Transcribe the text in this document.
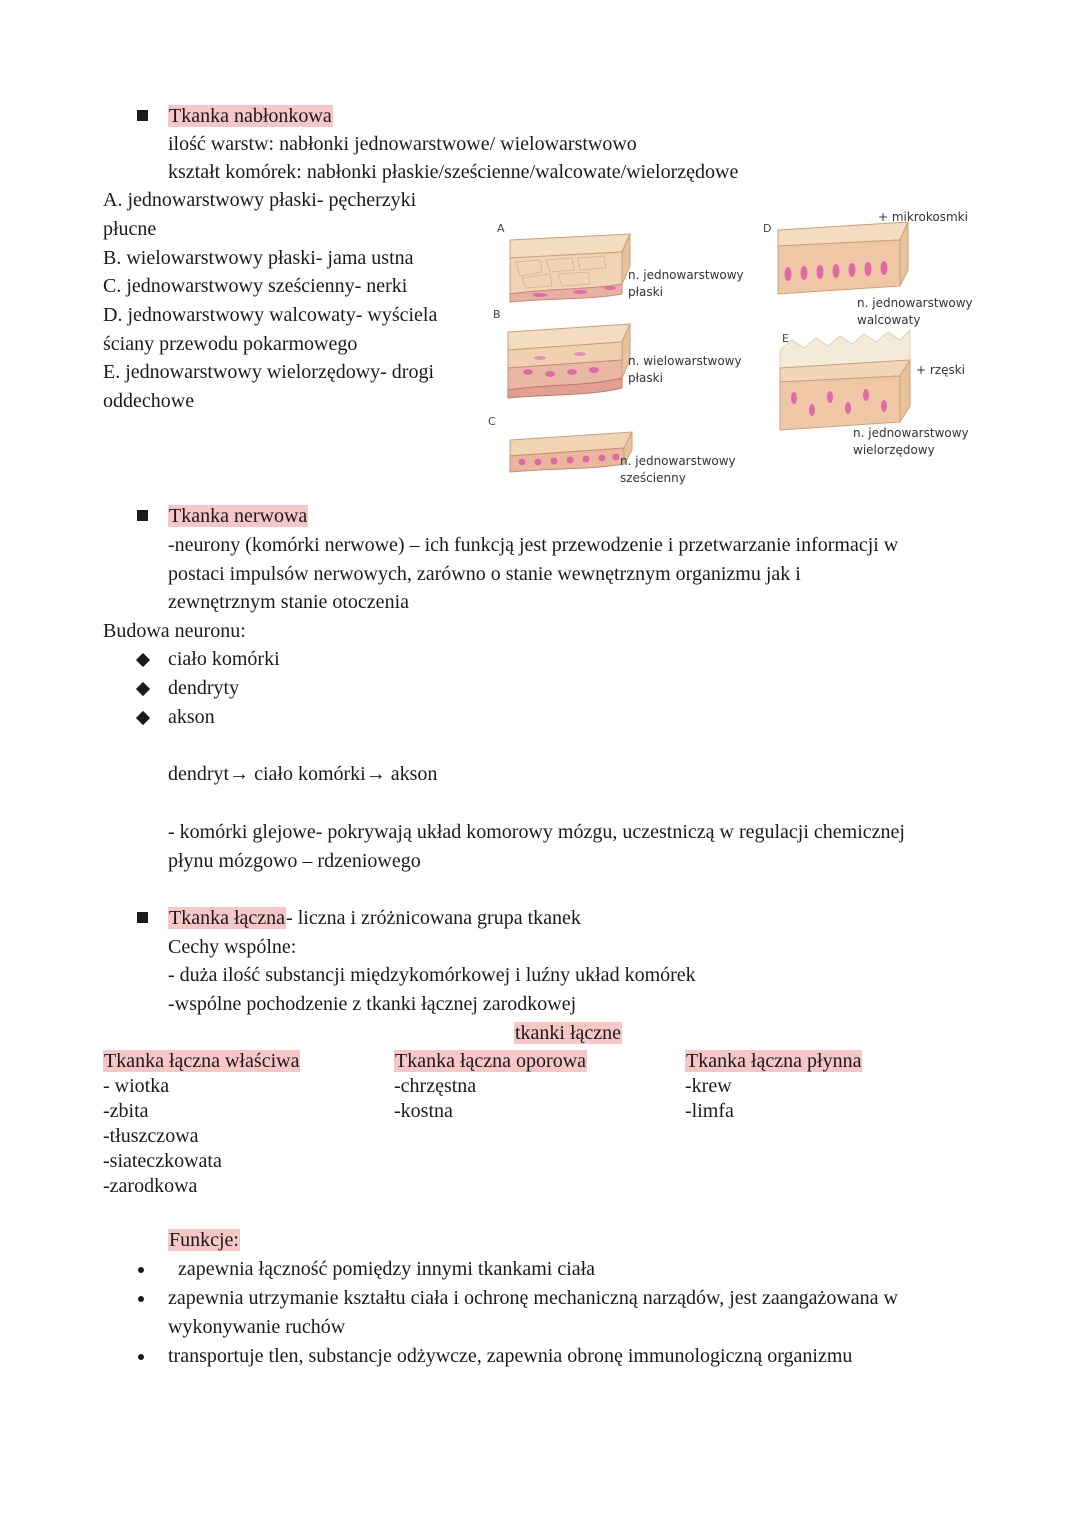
Tkanka nabłonkowa
ilość warstw: nabłonki jednowarstwowe/ wielowarstwowo
kształt komórek: nabłonki płaskie/sześcienne/walcowate/wielorzędowe
A. jednowarstwowy płaski- pęcherzyki
płucne
B. wielowarstwowy płaski- jama ustna
C. jednowarstwowy sześcienny- nerki
D. jednowarstwowy walcowaty- wyściela
ściany przewodu pokarmowego
E. jednowarstwowy wielorzędowy- drogi
oddechowe
A
B
C
D
E
n. jednowarstwowy
płaski
n. wielowarstwowy
płaski
n. jednowarstwowy
sześcienny
+ mikrokosmki
n. jednowarstwowy
walcowaty
+ rzęski
n. jednowarstwowy
wielorzędowy
Tkanka nerwowa
-neurony (komórki nerwowe) – ich funkcją jest przewodzenie i przetwarzanie informacji w
postaci impulsów nerwowych, zarówno o stanie wewnętrznym organizmu jak i
zewnętrznym stanie otoczenia
Budowa neuronu:
ciało komórki
dendryty
akson
dendryt→ ciało komórki→ akson
- komórki glejowe- pokrywają układ komorowy mózgu, uczestniczą w regulacji chemicznej
płynu mózgowo – rdzeniowego
Tkanka łączna- liczna i zróżnicowana grupa tkanek
Cechy wspólne:
- duża ilość substancji międzykomórkowej i luźny układ komórek
-wspólne pochodzenie z tkanki łącznej zarodkowej
tkanki łączne
Tkanka łączna właściwa
- wiotka
-zbita
-tłuszczowa
-siateczkowata
-zarodkowa
Tkanka łączna oporowa
-chrzęstna
-kostna
Tkanka łączna płynna
-krew
-limfa
Funkcje:
zapewnia łączność pomiędzy innymi tkankami ciała
zapewnia utrzymanie kształtu ciała i ochronę mechaniczną narządów, jest zaangażowana w
wykonywanie ruchów
transportuje tlen, substancje odżywcze, zapewnia obronę immunologiczną organizmu
